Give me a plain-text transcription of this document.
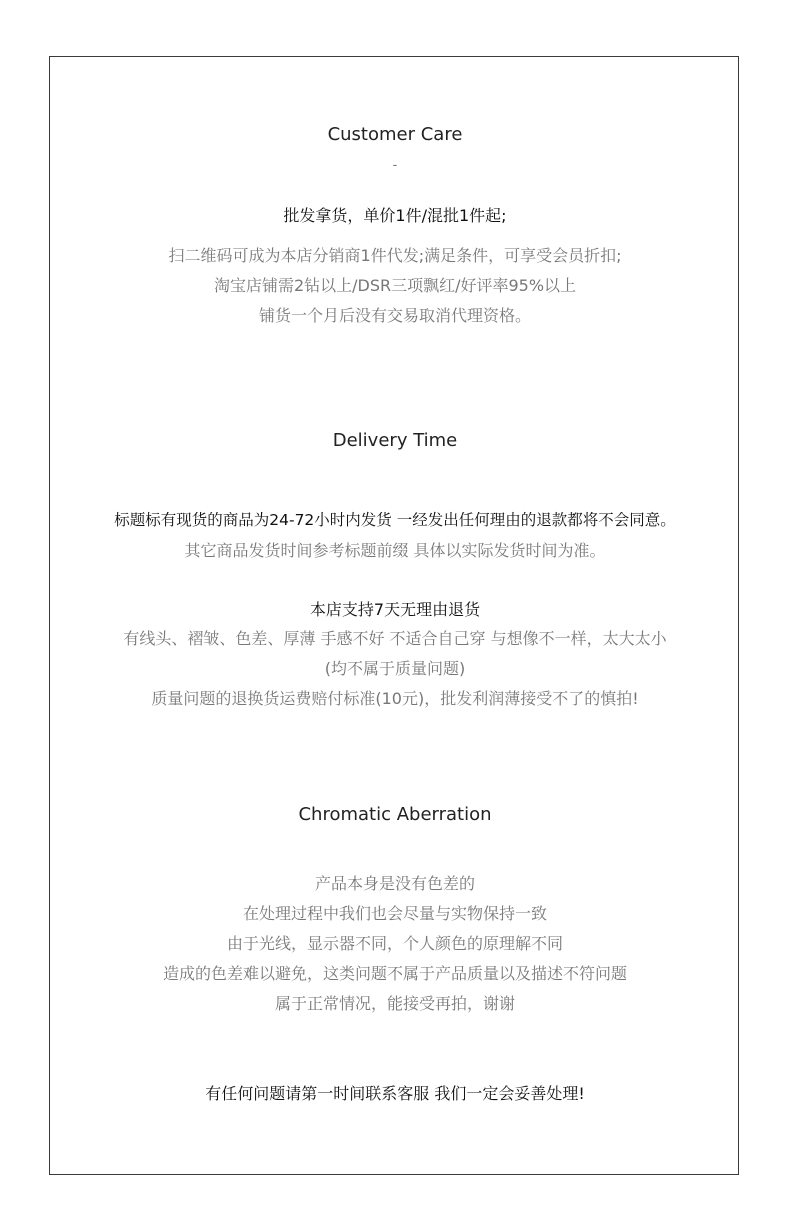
Customer Care
-
批发拿货，单价1件/混批1件起;
扫二维码可成为本店分销商1件代发;满足条件，可享受会员折扣;
淘宝店铺需2钻以上/DSR三项飘红/好评率95%以上
铺货一个月后没有交易取消代理资格。
Delivery Time
标题标有现货的商品为24-72小时内发货 一经发出任何理由的退款都将不会同意。
其它商品发货时间参考标题前缀 具体以实际发货时间为准。
本店支持7天无理由退货
有线头、褶皱、色差、厚薄 手感不好 不适合自己穿 与想像不一样，太大太小
(均不属于质量问题)
质量问题的退换货运费赔付标准(10元)，批发利润薄接受不了的慎拍!
Chromatic Aberration
产品本身是没有色差的
在处理过程中我们也会尽量与实物保持一致
由于光线，显示器不同，个人颜色的原理解不同
造成的色差难以避免，这类问题不属于产品质量以及描述不符问题
属于正常情况，能接受再拍，谢谢
有任何问题请第一时间联系客服 我们一定会妥善处理!
